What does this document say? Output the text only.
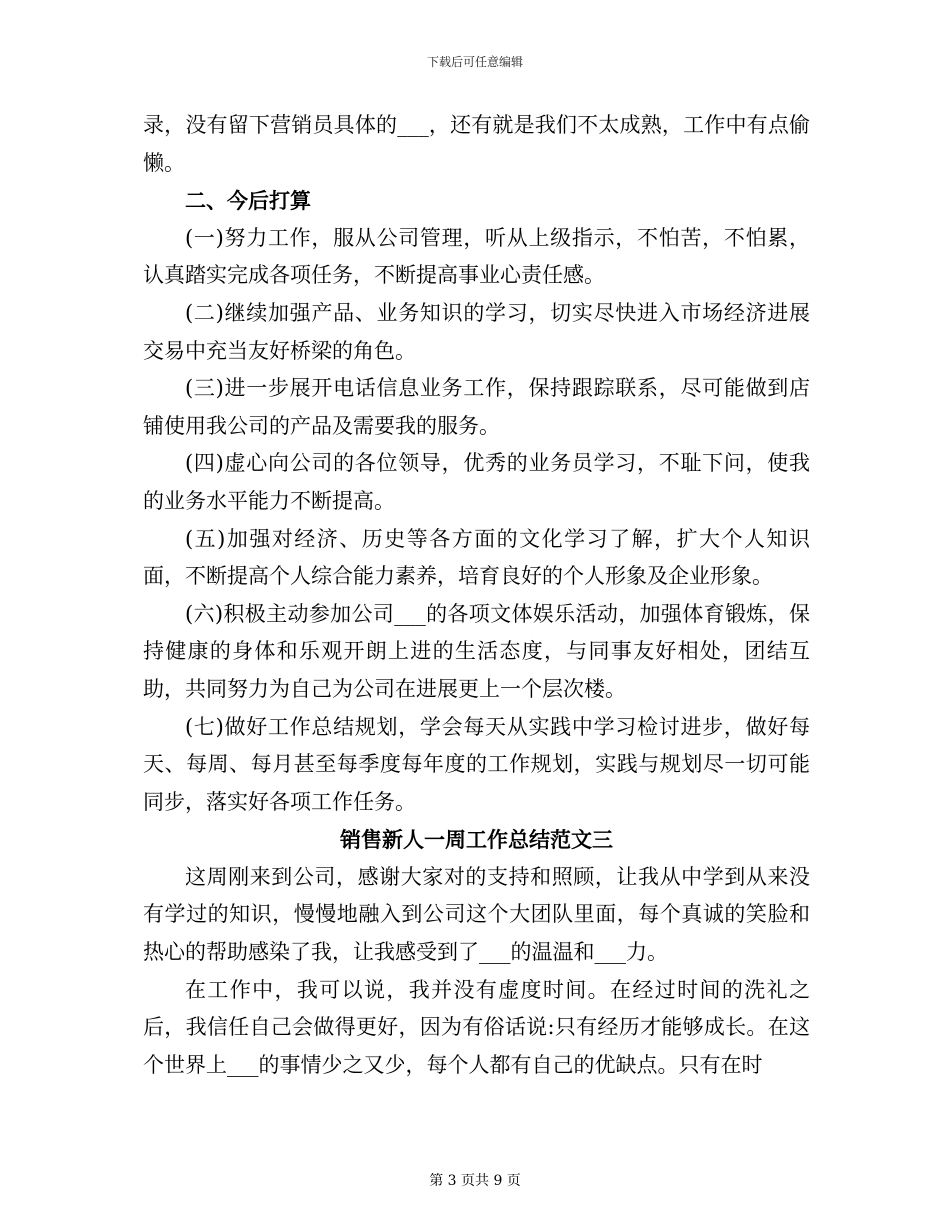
下载后可任意编辑

录，没有留下营销员具体的___，还有就是我们不太成熟，工作中有点偷懒。

二、今后打算

(一)努力工作，服从公司管理，听从上级指示，不怕苦，不怕累，认真踏实完成各项任务，不断提高事业心责任感。

(二)继续加强产品、业务知识的学习，切实尽快进入市场经济进展交易中充当友好桥梁的角色。

(三)进一步展开电话信息业务工作，保持跟踪联系，尽可能做到店铺使用我公司的产品及需要我的服务。

(四)虚心向公司的各位领导，优秀的业务员学习，不耻下问，使我的业务水平能力不断提高。

(五)加强对经济、历史等各方面的文化学习了解，扩大个人知识面，不断提高个人综合能力素养，培育良好的个人形象及企业形象。

(六)积极主动参加公司___的各项文体娱乐活动，加强体育锻炼，保持健康的身体和乐观开朗上进的生活态度，与同事友好相处，团结互助，共同努力为自己为公司在进展更上一个层次楼。

(七)做好工作总结规划，学会每天从实践中学习检讨进步，做好每天、每周、每月甚至每季度每年度的工作规划，实践与规划尽一切可能同步，落实好各项工作任务。

销售新人一周工作总结范文三

这周刚来到公司，感谢大家对的支持和照顾，让我从中学到从来没有学过的知识，慢慢地融入到公司这个大团队里面，每个真诚的笑脸和热心的帮助感染了我，让我感受到了___的温温和___力。

在工作中，我可以说，我并没有虚度时间。在经过时间的洗礼之后，我信任自己会做得更好，因为有俗话说:只有经历才能够成长。在这个世界上___的事情少之又少，每个人都有自己的优缺点。只有在时

第 3 页共 9 页
